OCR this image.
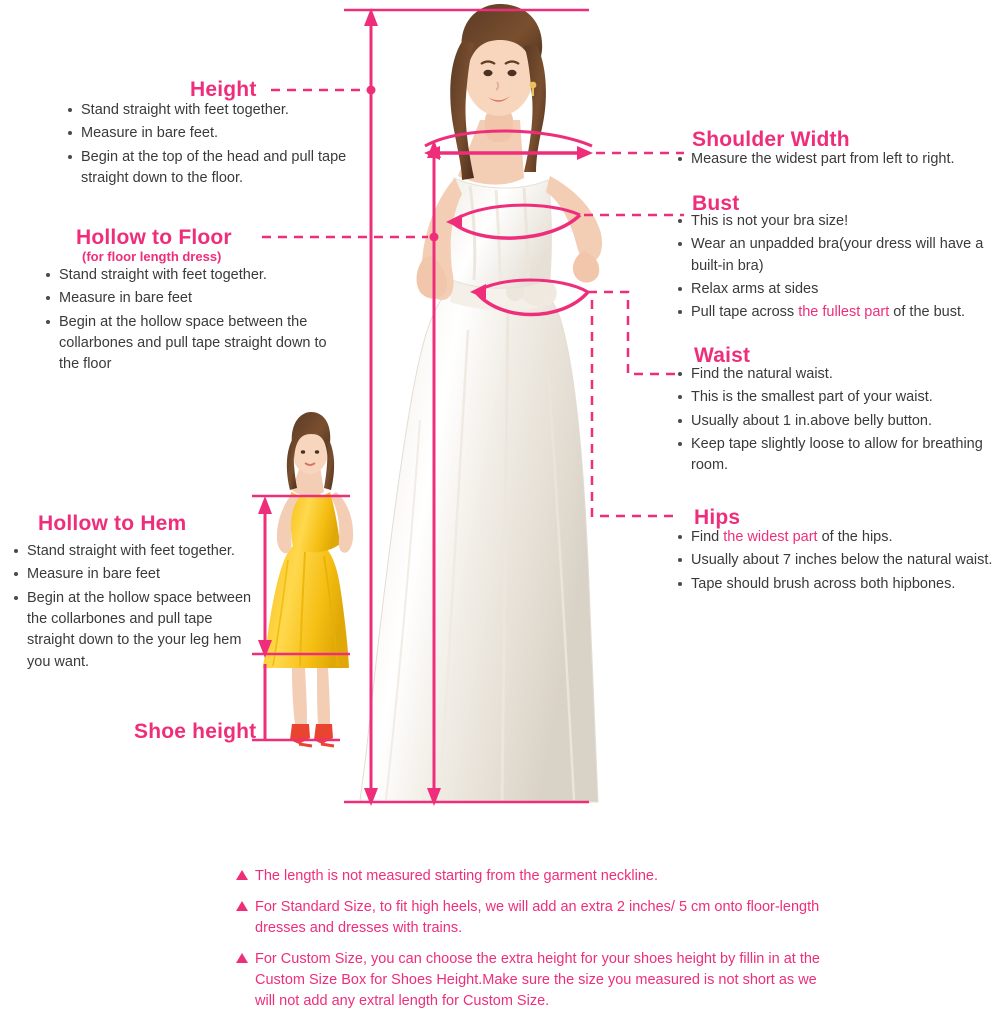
Height
Stand straight with feet together.
Measure in bare feet.
Begin at the top of the head and pull tape straight down to the floor.
Hollow to Floor
(for floor length dress)
Stand straight with feet together.
Measure in bare feet
Begin at the hollow space between the collarbones and pull tape straight down to the floor
Hollow to Hem
Stand straight with feet together.
Measure in bare feet
Begin at the hollow space between the collarbones and pull tape straight down to the your leg hem you want.
Shoe height
Shoulder Width
Measure the widest part from left to right.
Bust
This is not your bra size!
Wear an unpadded bra(your dress will have a built-in bra)
Relax arms at sides
Pull tape across the fullest part of the bust.
Waist
Find the natural waist.
This is the smallest part of your waist.
Usually about 1 in.above belly button.
Keep tape slightly loose to allow for breathing room.
Hips
Find the widest part of the hips.
Usually about 7 inches below the natural waist.
Tape should brush across both hipbones.
The length is not measured starting from the garment neckline.
For Standard Size, to fit high heels, we will add an extra 2 inches/ 5 cm onto floor-length dresses and dresses with trains.
For Custom Size, you can choose the extra height for your shoes height by fillin in at the Custom Size Box for Shoes Height.Make sure the size you measured is not short as we will not add any extral length for Custom Size.
